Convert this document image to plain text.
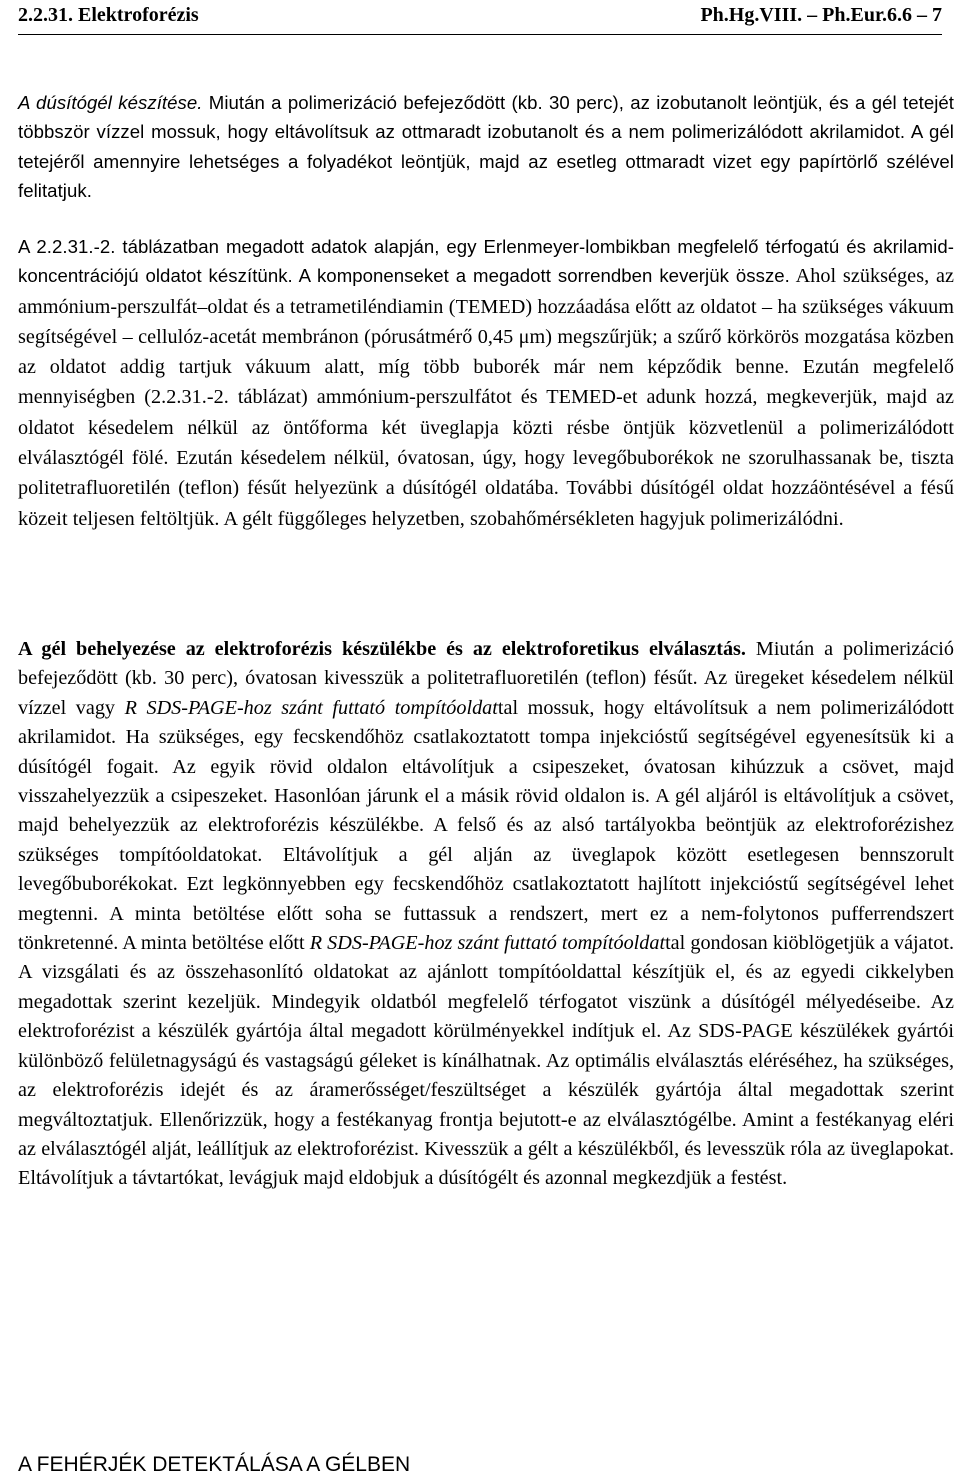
2.2.31. Elektroforézis	Ph.Hg.VIII. – Ph.Eur.6.6 – 7

A dúsítógél készítése. Miután a polimerizáció befejeződött (kb. 30 perc), az izobutanolt leöntjük, és a gél tetejét többször vízzel mossuk, hogy eltávolítsuk az ottmaradt izobutanolt és a nem polimerizálódott akrilamidot. A gél tetejéről amennyire lehetséges a folyadékot leöntjük, majd az esetleg ottmaradt vizet egy papírtörlő szélével felitatjuk.

A 2.2.31.-2. táblázatban megadott adatok alapján, egy Erlenmeyer-lombikban megfelelő térfogatú és akrilamid-koncentrációjú oldatot készítünk. A komponenseket a megadott sorrendben keverjük össze. Ahol szükséges, az ammónium-perszulfát–oldat és a tetrametiléndiamin (TEMED) hozzáadása előtt az oldatot – ha szükséges vákuum segítségével – cellulóz-acetát membránon (pórusátmérő 0,45 μm) megszűrjük; a szűrő körkörös mozgatása közben az oldatot addig tartjuk vákuum alatt, míg több buborék már nem képződik benne. Ezután megfelelő mennyiségben (2.2.31.-2. táblázat) ammónium-perszulfátot és TEMED-et adunk hozzá, megkeverjük, majd az oldatot késedelem nélkül az öntőforma két üveglapja közti résbe öntjük közvetlenül a polimerizálódott elválasztógél fölé. Ezután késedelem nélkül, óvatosan, úgy, hogy levegőbuborékok ne szorulhassanak be, tiszta politetrafluoretilén (teflon) fésűt helyezünk a dúsítógél oldatába. További dúsítógél oldat hozzáöntésével a fésű közeit teljesen feltöltjük. A gélt függőleges helyzetben, szobahőmérsékleten hagyjuk polimerizálódni.

A gél behelyezése az elektroforézis készülékbe és az elektroforetikus elválasztás. Miután a polimerizáció befejeződött (kb. 30 perc), óvatosan kivesszük a politetrafluoretilén (teflon) fésűt. Az üregeket késedelem nélkül vízzel vagy R SDS-PAGE-hoz szánt futtató tompítóoldattal mossuk, hogy eltávolítsuk a nem polimerizálódott akrilamidot. Ha szükséges, egy fecskendőhöz csatlakoztatott tompa injekcióstű segítségével egyenesítsük ki a dúsítógél fogait. Az egyik rövid oldalon eltávolítjuk a csipeszeket, óvatosan kihúzzuk a csövet, majd visszahelyezzük a csipeszeket. Hasonlóan járunk el a másik rövid oldalon is. A gél aljáról is eltávolítjuk a csövet, majd behelyezzük az elektroforézis készülékbe. A felső és az alsó tartályokba beöntjük az elektroforézishez szükséges tompítóoldatokat. Eltávolítjuk a gél alján az üveglapok között esetlegesen bennszorult levegőbuborékokat. Ezt legkönnyebben egy fecskendőhöz csatlakoztatott hajlított injekcióstű segítségével lehet megtenni. A minta betöltése előtt soha se futtassuk a rendszert, mert ez a nem-folytonos pufferrendszert tönkretenné. A minta betöltése előtt R SDS-PAGE-hoz szánt futtató tompítóoldattal gondosan kiöblögetjük a vájatot. A vizsgálati és az összehasonlító oldatokat az ajánlott tompítóoldattal készítjük el, és az egyedi cikkelyben megadottak szerint kezeljük. Mindegyik oldatból megfelelő térfogatot viszünk a dúsítógél mélyedéseibe. Az elektroforézist a készülék gyártója által megadott körülményekkel indítjuk el. Az SDS-PAGE készülékek gyártói különböző felületnagyságú és vastagságú géleket is kínálhatnak. Az optimális elválasztás eléréséhez, ha szükséges, az elektroforézis idejét és az áramerősséget/feszültséget a készülék gyártója által megadottak szerint megváltoztatjuk. Ellenőrizzük, hogy a festékanyag frontja bejutott-e az elválasztógélbe. Amint a festékanyag eléri az elválasztógél alját, leállítjuk az elektroforézist. Kivesszük a gélt a készülékből, és levesszük róla az üveglapokat. Eltávolítjuk a távtartókat, levágjuk majd eldobjuk a dúsítógélt és azonnal megkezdjük a festést.

A FEHÉRJÉK DETEKTÁLÁSA A GÉLBEN
